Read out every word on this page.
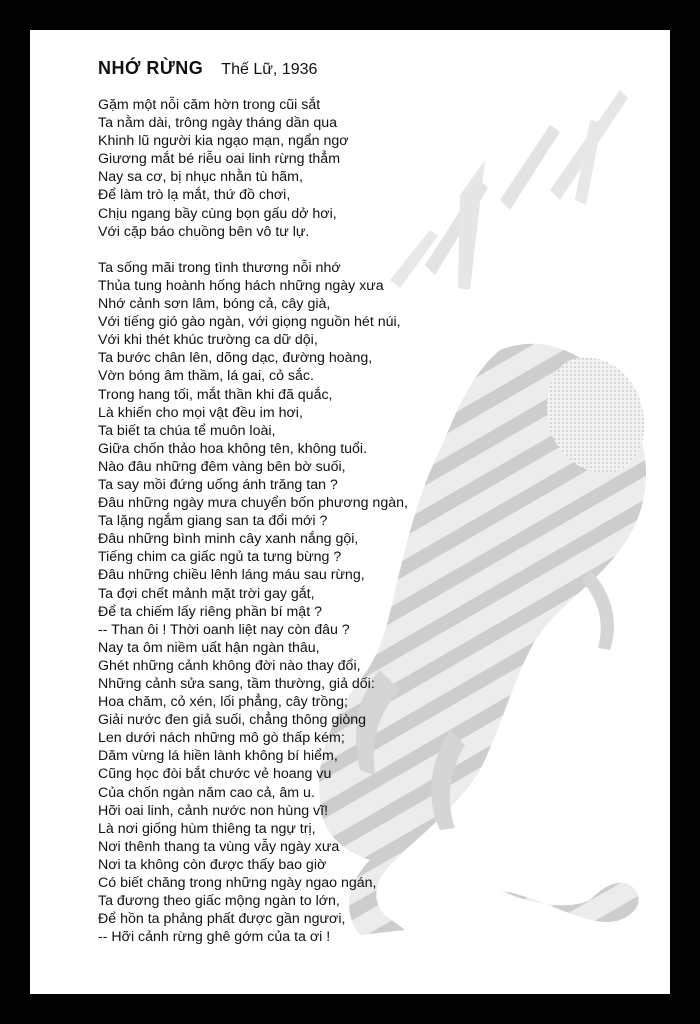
NHỚ RỪNG Thế Lữ, 1936
Gặm một nỗi căm hờn trong cũi sắt
Ta nằm dài, trông ngày tháng dần qua
Khinh lũ người kia ngạo mạn, ngẩn ngơ
Giương mắt bé riễu oai linh rừng thẳm
Nay sa cơ, bị nhục nhằn tù hãm,
Để làm trò lạ mắt, thứ đồ chơi,
Chịu ngang bầy cùng bọn gấu dở hơi,
Với cặp báo chuồng bên vô tư lự.
Ta sống mãi trong tình thương nỗi nhớ
Thủa tung hoành hống hách những ngày xưa
Nhớ cảnh sơn lâm, bóng cả, cây già,
Với tiếng gió gào ngàn, với giọng nguồn hét núi,
Với khi thét khúc trường ca dữ dội,
Ta bước chân lên, dõng dạc, đường hoàng,
Vờn bóng âm thầm, lá gai, cỏ sắc.
Trong hang tối, mắt thần khi đã quắc,
Là khiến cho mọi vật đều im hơi,
Ta biết ta chúa tể muôn loài,
Giữa chốn thảo hoa không tên, không tuổi.
Nào đâu những đêm vàng bên bờ suối,
Ta say mồi đứng uống ánh trăng tan ?
Đâu những ngày mưa chuyển bốn phương ngàn,
Ta lặng ngắm giang san ta đổi mới ?
Đâu những bình minh cây xanh nắng gội,
Tiếng chim ca giấc ngủ ta tưng bừng ?
Đâu những chiều lênh láng máu sau rừng,
Ta đợi chết mảnh mặt trời gay gắt,
Để ta chiếm lấy riêng phần bí mật ?
-- Than ôi ! Thời oanh liệt nay còn đâu ?
Nay ta ôm niềm uất hận ngàn thâu,
Ghét những cảnh không đời nào thay đổi,
Những cảnh sửa sang, tầm thường, giả dối:
Hoa chăm, cỏ xén, lối phẳng, cây trồng;
Giải nước đen giả suối, chẳng thông giòng
Len dưới nách những mô gò thấp kém;
Dăm vừng lá hiền lành không bí hiểm,
Cũng học đòi bắt chước vẻ hoang vu
Của chốn ngàn năm cao cả, âm u.
Hỡi oai linh, cảnh nước non hùng vĩ!
Là nơi giống hùm thiêng ta ngự trị,
Nơi thênh thang ta vùng vẫy ngày xưa
Nơi ta không còn được thấy bao giờ
Có biết chăng trong những ngày ngao ngán,
Ta đương theo giấc mộng ngàn to lớn,
Để hồn ta phảng phất được gần ngươi,
-- Hỡi cảnh rừng ghê gớm của ta ơi !
